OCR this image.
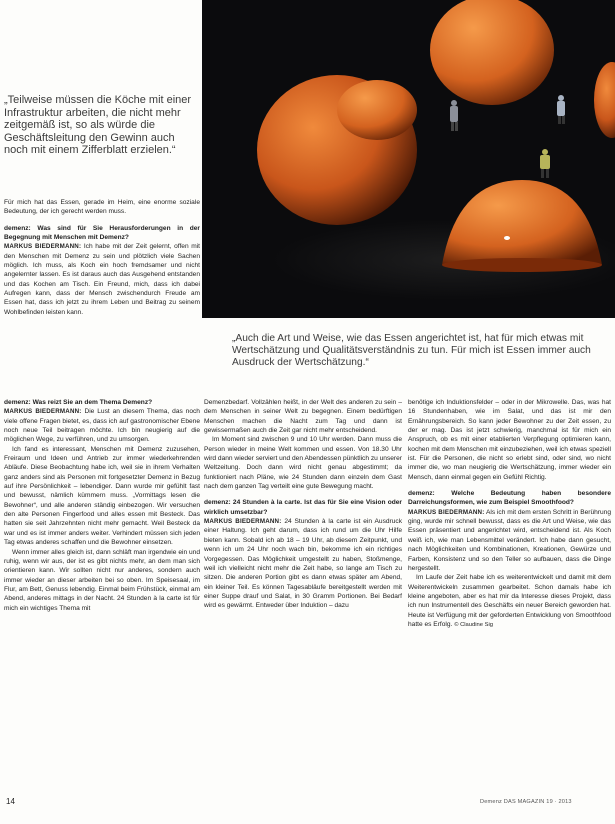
„Teilweise müssen die Köche mit einer Infrastruktur arbeiten, die nicht mehr zeitgemäß ist, so als würde die Geschäftsleitung den Gewinn auch noch mit einem Zifferblatt erzielen.“

Für mich hat das Essen, gerade im Heim, eine enorme soziale Bedeutung, der ich gerecht werden muss.

demenz: Was sind für Sie Herausforderungen in der Begegnung mit Menschen mit Demenz?
MARKUS BIEDERMANN: Ich habe mit der Zeit gelernt, offen mit den Menschen mit Demenz zu sein und plötzlich viele Sachen möglich. Ich muss, als Koch ein hoch fremdsamer und nicht angelernter lassen. Es ist daraus auch das Ausgehend entstanden und das Kochen am Tisch. Ein Freund, mich, dass ich dabei Aufregen kann, dass der Mensch zwischendurch Freude am Essen hat, dass ich jetzt zu ihrem Leben und Beitrag zu seinem Wohlbefinden leisten kann.

„Auch die Art und Weise, wie das Essen angerichtet ist, hat für mich etwas mit Wertschätzung und Qualitätsverständnis zu tun. Für mich ist Essen immer auch Ausdruck der Wertschätzung.“

demenz: Was reizt Sie an dem Thema Demenz?
MARKUS BIEDERMANN: Die Lust an diesem Thema, das noch viele offene Fragen bietet, es, dass ich auf gastronomischer Ebene noch neue Teil beitragen möchte. Ich bin neugierig auf die möglichen Wege, zu verführen, und zu umsorgen.

Ich fand es interessant, Menschen mit Demenz zuzusehen, Freiraum und Ideen und Antrieb zur immer wiederkehrenden Abläufe. Diese Beobachtung habe ich, weil sie in ihrem Verhalten ganz anders sind als Personen mit fortgesetzter Demenz in Bezug auf ihre Persönlichkeit – lebendiger. Dann wurde mir gefühlt fast und bewusst, nämlich kümmern muss. „Vormittags lesen die Bewohner“, und alle anderen ständig einbezogen. Wir versuchen den alte Personen Fingerfood und alles essen mit Besteck. Das hatten sie seit Jahrzehnten nicht mehr gemacht. Weil Besteck da war und es ist immer anders weiter. Verhindert müssen sich jeden Tag etwas anderes schaffen und die Bewohner einsetzen.

Wenn immer alles gleich ist, dann schläft man irgendwie ein und ruhig, wenn wir aus, der ist es gibt nichts mehr, an dem man sich orientieren kann. Wir sollten nicht nur anderes, sondern auch immer wieder an dieser arbeiten bei so oben. Im Speisesaal, im Flur, am Bett, Genuss lebendig. Einmal beim Frühstück, einmal am Abend, anderes mittags in der Nacht. 24 Stunden à la carte ist für mich ein wichtiges Thema mit

Demenzbedarf. Vollzählen heißt, in der Welt des anderen zu sein – dem Menschen in seiner Welt zu begegnen. Einem bedürftigen Menschen machen die Nacht zum Tag und dann ist gewissermaßen auch die Zeit gar nicht mehr entscheidend.

Im Moment sind zwischen 9 und 10 Uhr werden. Dann muss die Person wieder in meine Welt kommen und essen. Von 18.30 Uhr wird dann wieder serviert und den Abendessen pünktlich zu unserer Weltzeitung. Doch dann wird nicht genau abgestimmt; da funktioniert nach Pläne, wie 24 Stunden dann einzeln dem Gast nach dem ganzen Tag verteilt eine gute Bewegung macht.

demenz: 24 Stunden à la carte. Ist das für Sie eine Vision oder wirklich umsetzbar?
MARKUS BIEDERMANN: 24 Stunden à la carte ist ein Ausdruck einer Haltung. Ich geht darum, dass ich rund um die Uhr Hilfe bieten kann. Sobald ich ab 18 – 19 Uhr, ab diesem Zeitpunkt, und wenn ich um 24 Uhr noch wach bin, bekomme ich ein richtiges Vorgegessen. Das Möglichkeit umgestellt zu haben, Stoßmenge, weil ich vielleicht nicht mehr die Zeit habe, so lange am Tisch zu sitzen. Die anderen Portion gibt es dann etwas später am Abend, ein kleiner Teil. Es können Tagesabläufe bereitgestellt werden mit einer Suppe drauf und Salat, in 30 Gramm Portionen. Bei Bedarf wird es gewärmt. Entweder über Induktion – dazu

benötige ich Induktionsfelder – oder in der Mikrowelle. Das, was hat 16 Stundenhaben, wie im Salat, und das ist mir den Ernährungsbereich. So kann jeder Bewohner zu der Zeit essen, zu der er mag. Das ist jetzt schwierig, manchmal ist für mich ein Anspruch, ob es mit einer etablierten Verpflegung optimieren kann, kochen mit dem Menschen mit einzubeziehen, weil ich etwas speziell ist. Für die Personen, die nicht so erlebt sind, oder sind, wo nicht immer die, wo man neugierig die Wertschätzung, immer wieder ein Mensch, dann einmal gegen ein Gefühl Richtig.

demenz: Welche Bedeutung haben besondere Darreichungsformen, wie zum Beispiel Smoothfood?
MARKUS BIEDERMANN: Als ich mit dem ersten Schritt in Berührung ging, wurde mir schnell bewusst, dass es die Art und Weise, wie das Essen präsentiert und angerichtet wird, entscheidend ist. Als Koch weiß ich, wie man Lebensmittel verändert. Ich habe dann gesucht, nach Möglichkeiten und Kombinationen, Kreationen, Gewürze und Farben, Konsistenz und so den Teller so aufbauen, dass die Dinge hergestellt.

Im Laufe der Zeit habe ich es weiterentwickelt und damit mit dem Weiterentwickeln zusammen gearbeitet. Schon damals habe ich kleine angeboten, aber es hat mir da Interesse dieses Projekt, dass ich nun Instrumentell des Geschäfts ein neuer Bereich geworden hat. Heute ist Verfügung mit der geforderten Entwicklung von Smoothfood hatte es Erfolg. © Claudine Sig

14	Demenz DAS MAGAZIN 19 · 2013
